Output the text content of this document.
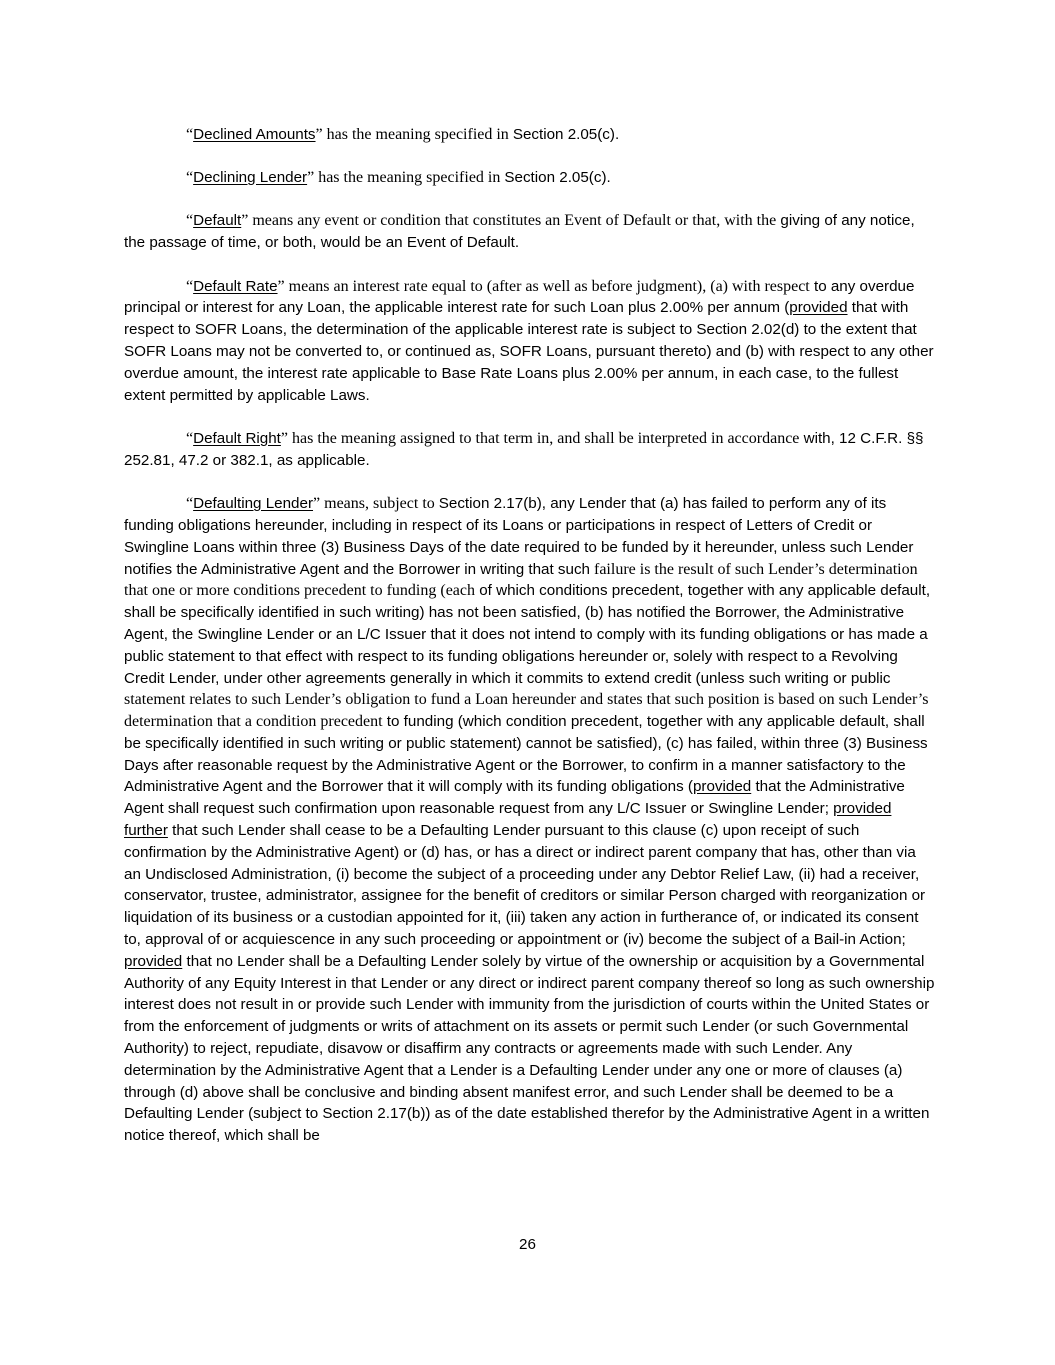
“Declined Amounts” has the meaning specified in Section 2.05(c).

“Declining Lender” has the meaning specified in Section 2.05(c).

“Default” means any event or condition that constitutes an Event of Default or that, with the giving of any notice, the passage of time, or both, would be an Event of Default.

“Default Rate” means an interest rate equal to (after as well as before judgment), (a) with respect to any overdue principal or interest for any Loan, the applicable interest rate for such Loan plus 2.00% per annum (provided that with respect to SOFR Loans, the determination of the applicable interest rate is subject to Section 2.02(d) to the extent that SOFR Loans may not be converted to, or continued as, SOFR Loans, pursuant thereto) and (b) with respect to any other overdue amount, the interest rate applicable to Base Rate Loans plus 2.00% per annum, in each case, to the fullest extent permitted by applicable Laws.

“Default Right” has the meaning assigned to that term in, and shall be interpreted in accordance with, 12 C.F.R. §§ 252.81, 47.2 or 382.1, as applicable.

“Defaulting Lender” means, subject to Section 2.17(b), any Lender that (a) has failed to perform any of its funding obligations hereunder, including in respect of its Loans or participations in respect of Letters of Credit or Swingline Loans within three (3) Business Days of the date required to be funded by it hereunder, unless such Lender notifies the Administrative Agent and the Borrower in writing that such failure is the result of such Lender’s determination that one or more conditions precedent to funding (each of which conditions precedent, together with any applicable default, shall be specifically identified in such writing) has not been satisfied, (b) has notified the Borrower, the Administrative Agent, the Swingline Lender or an L/C Issuer that it does not intend to comply with its funding obligations or has made a public statement to that effect with respect to its funding obligations hereunder or, solely with respect to a Revolving Credit Lender, under other agreements generally in which it commits to extend credit (unless such writing or public statement relates to such Lender’s obligation to fund a Loan hereunder and states that such position is based on such Lender’s determination that a condition precedent to funding (which condition precedent, together with any applicable default, shall be specifically identified in such writing or public statement) cannot be satisfied), (c) has failed, within three (3) Business Days after reasonable request by the Administrative Agent or the Borrower, to confirm in a manner satisfactory to the Administrative Agent and the Borrower that it will comply with its funding obligations (provided that the Administrative Agent shall request such confirmation upon reasonable request from any L/C Issuer or Swingline Lender; provided further that such Lender shall cease to be a Defaulting Lender pursuant to this clause (c) upon receipt of such confirmation by the Administrative Agent) or (d) has, or has a direct or indirect parent company that has, other than via an Undisclosed Administration, (i) become the subject of a proceeding under any Debtor Relief Law, (ii) had a receiver, conservator, trustee, administrator, assignee for the benefit of creditors or similar Person charged with reorganization or liquidation of its business or a custodian appointed for it, (iii) taken any action in furtherance of, or indicated its consent to, approval of or acquiescence in any such proceeding or appointment or (iv) become the subject of a Bail-in Action; provided that no Lender shall be a Defaulting Lender solely by virtue of the ownership or acquisition by a Governmental Authority of any Equity Interest in that Lender or any direct or indirect parent company thereof so long as such ownership interest does not result in or provide such Lender with immunity from the jurisdiction of courts within the United States or from the enforcement of judgments or writs of attachment on its assets or permit such Lender (or such Governmental Authority) to reject, repudiate, disavow or disaffirm any contracts or agreements made with such Lender. Any determination by the Administrative Agent that a Lender is a Defaulting Lender under any one or more of clauses (a) through (d) above shall be conclusive and binding absent manifest error, and such Lender shall be deemed to be a Defaulting Lender (subject to Section 2.17(b)) as of the date established therefor by the Administrative Agent in a written notice thereof, which shall be

26
